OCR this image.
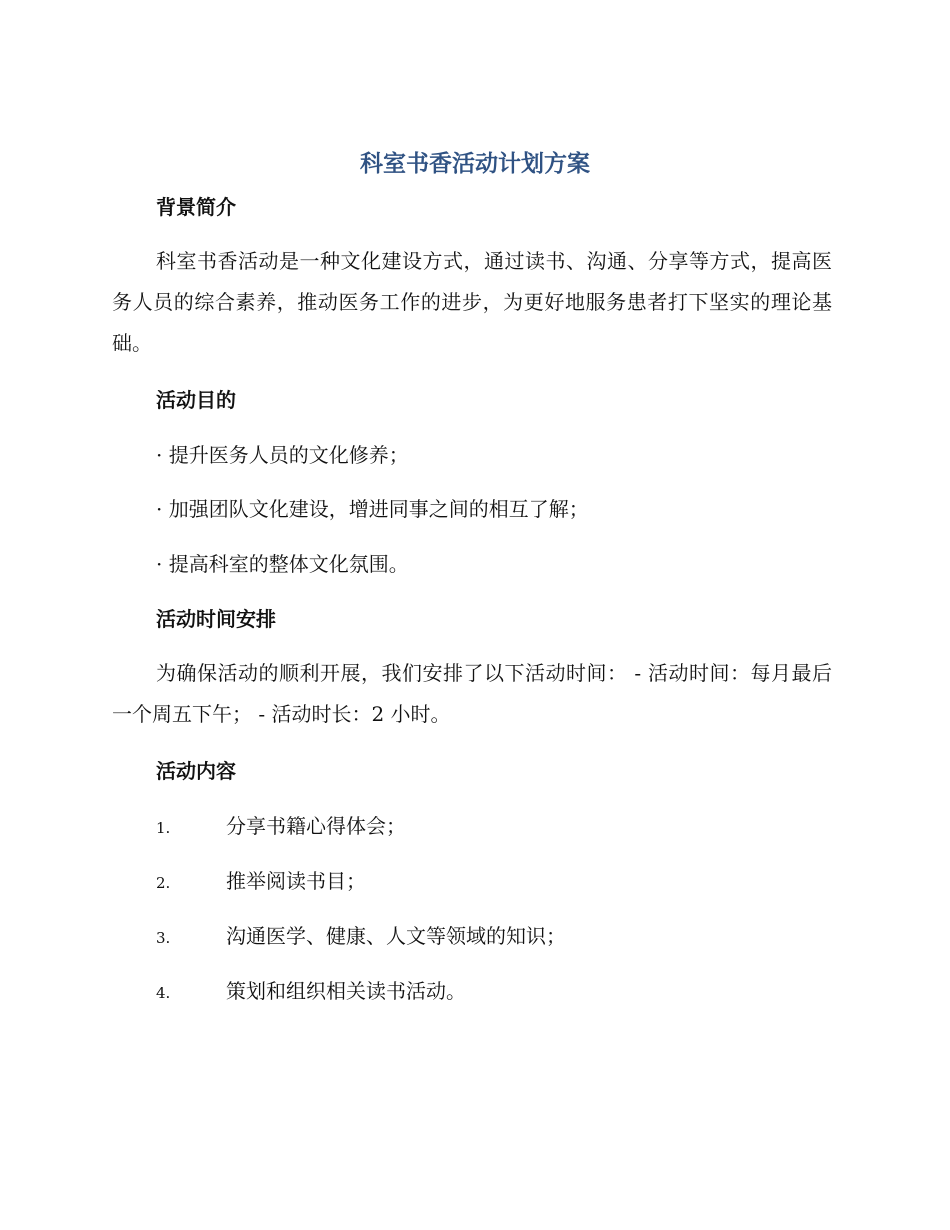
科室书香活动计划方案
背景简介

科室书香活动是一种文化建设方式，通过读书、沟通、分享等方式，提高医务人员的综合素养，推动医务工作的进步，为更好地服务患者打下坚实的理论基础。

活动目的

· 提升医务人员的文化修养；

· 加强团队文化建设，增进同事之间的相互了解；

· 提高科室的整体文化氛围。

活动时间安排

为确保活动的顺利开展，我们安排了以下活动时间： - 活动时间：每月最后一个周五下午； - 活动时长：2 小时。

活动内容

1.	分享书籍心得体会；

2.	推举阅读书目；

3.	沟通医学、健康、人文等领域的知识；

4.	策划和组织相关读书活动。
